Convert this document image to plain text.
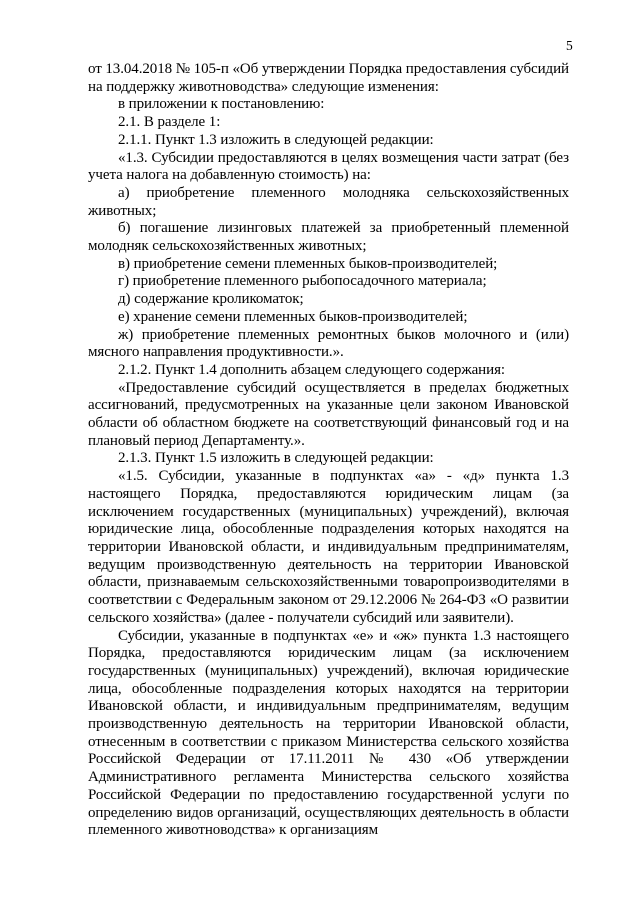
5

от 13.04.2018 № 105-п «Об утверждении Порядка предоставления субсидий на поддержку животноводства» следующие изменения:

в приложении к постановлению:

2.1. В разделе 1:

2.1.1. Пункт 1.3 изложить в следующей редакции:

«1.3. Субсидии предоставляются в целях возмещения части затрат (без учета налога на добавленную стоимость) на:

а) приобретение племенного молодняка сельскохозяйственных животных;

б) погашение лизинговых платежей за приобретенный племенной молодняк сельскохозяйственных животных;

в) приобретение семени племенных быков-производителей;

г) приобретение племенного рыбопосадочного материала;

д) содержание кроликоматок;

е) хранение семени племенных быков-производителей;

ж) приобретение племенных ремонтных быков молочного и (или) мясного направления продуктивности.».

2.1.2. Пункт 1.4 дополнить абзацем следующего содержания:

«Предоставление субсидий осуществляется в пределах бюджетных ассигнований, предусмотренных на указанные цели законом Ивановской области об областном бюджете на соответствующий финансовый год и на плановый период Департаменту.».

2.1.3. Пункт 1.5 изложить в следующей редакции:

«1.5. Субсидии, указанные в подпунктах «а» - «д» пункта 1.3 настоящего Порядка, предоставляются юридическим лицам (за исключением государственных (муниципальных) учреждений), включая юридические лица, обособленные подразделения которых находятся на территории Ивановской области, и индивидуальным предпринимателям, ведущим производственную деятельность на территории Ивановской области, признаваемым сельскохозяйственными товаропроизводителями в соответствии с Федеральным законом от 29.12.2006 № 264-ФЗ «О развитии сельского хозяйства» (далее - получатели субсидий или заявители).

Субсидии, указанные в подпунктах «е» и «ж» пункта 1.3 настоящего Порядка, предоставляются юридическим лицам (за исключением государственных (муниципальных) учреждений), включая юридические лица, обособленные подразделения которых находятся на территории Ивановской области, и индивидуальным предпринимателям, ведущим производственную деятельность на территории Ивановской области, отнесенным в соответствии с приказом Министерства сельского хозяйства Российской Федерации от 17.11.2011 № 430 «Об утверждении Административного регламента Министерства сельского хозяйства Российской Федерации по предоставлению государственной услуги по определению видов организаций, осуществляющих деятельность в области племенного животноводства» к организациям
